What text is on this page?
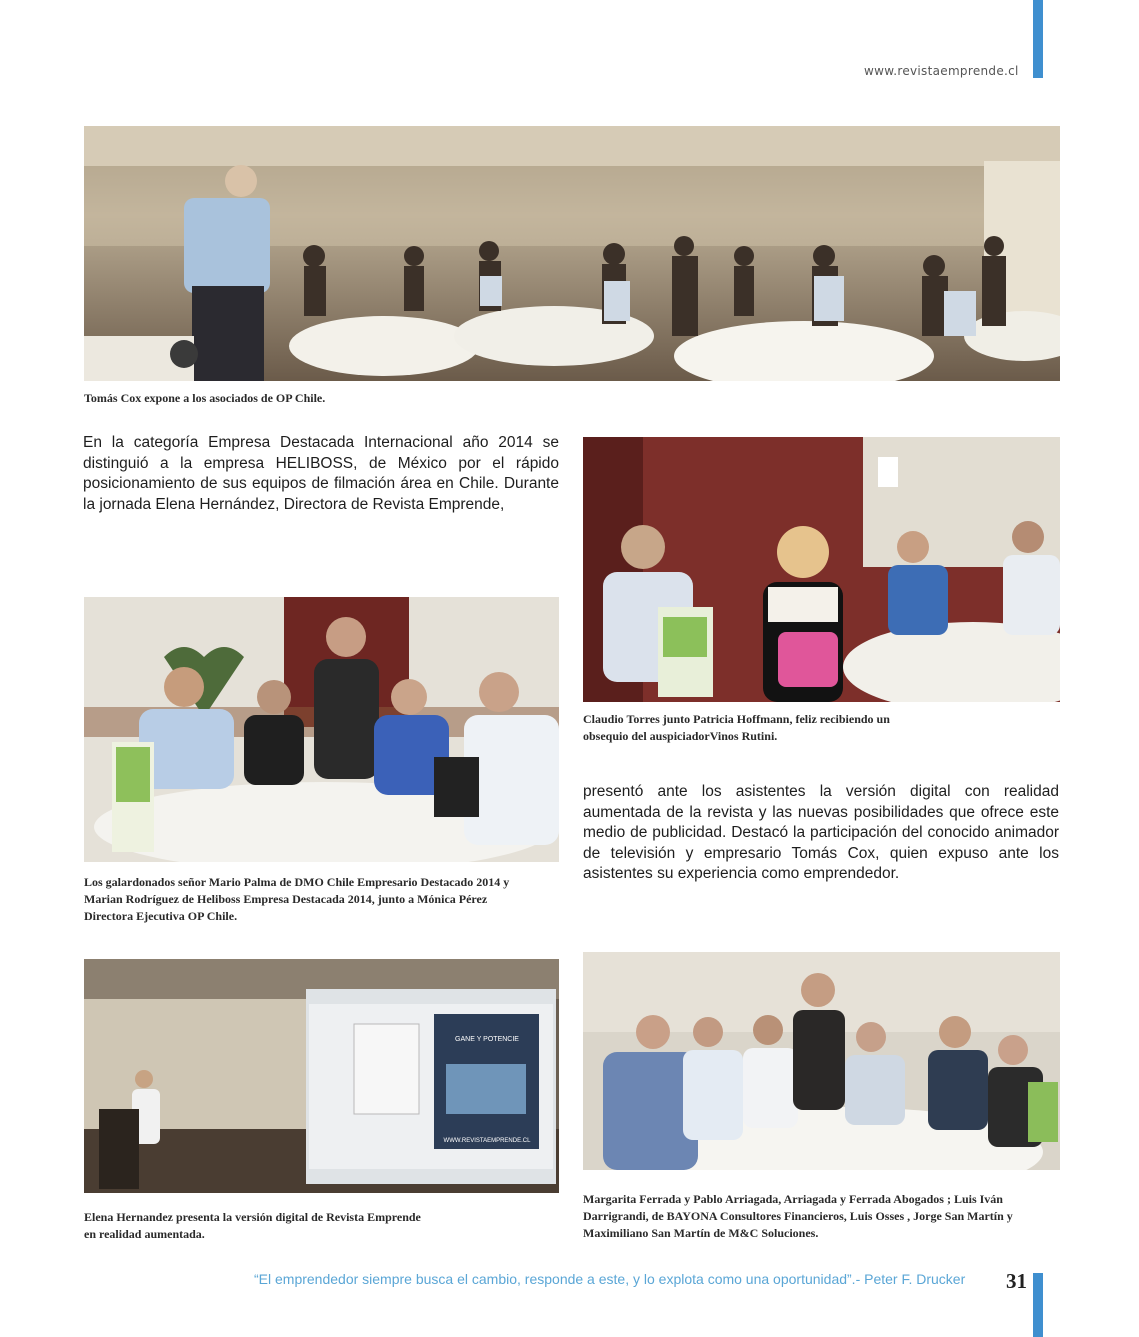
www.revistaemprende.cl
Tomás Cox expone a los asociados de OP Chile.
En la categoría Empresa Destacada Internacional año 2014 se distinguió a la empresa HELIBOSS, de México por el rápido posicionamiento de sus equipos de filmación área en Chile. Durante la jornada Elena Hernández, Directora de Revista Emprende,
Claudio Torres junto Patricia Hoffmann, feliz recibiendo un obsequio del auspiciadorVinos Rutini.
Los galardonados señor Mario Palma de DMO Chile Empresario Destacado 2014 y Marian Rodríguez de Heliboss Empresa Destacada 2014, junto a Mónica Pérez Directora Ejecutiva OP Chile.
presentó ante los asistentes la versión digital con realidad aumentada de la revista y las nuevas posibilidades que ofrece este medio de publicidad. Destacó la participación del conocido animador de televisión y empresario Tomás Cox, quien expuso ante los asistentes su experiencia como emprendedor.
GANE Y POTENCIE
WWW.REVISTAEMPRENDE.CL
Elena Hernandez presenta la versión digital de Revista Emprende en realidad aumentada.
Margarita Ferrada y Pablo Arriagada, Arriagada y Ferrada Abogados ; Luis Iván Darrigrandi, de BAYONA Consultores Financieros, Luis Osses , Jorge San Martín y Maximiliano San Martín de M&C Soluciones.
“El emprendedor siempre busca el cambio, responde a este, y lo explota como una oportunidad”.- Peter F. Drucker 31
